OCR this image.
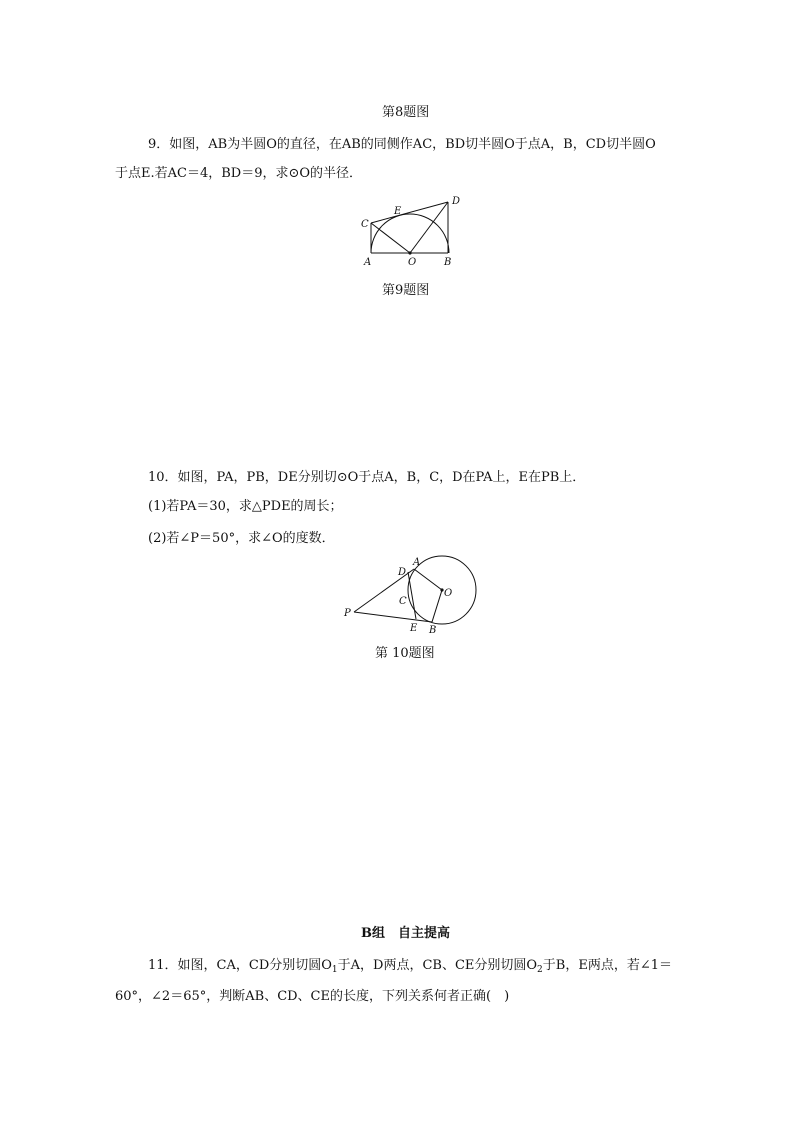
第8题图
9．如图，AB为半圆O的直径，在AB的同侧作AC，BD切半圆O于点A，B，CD切半圆O
于点E.若AC＝4，BD＝9，求⊙O的半径．
C
E
D
A	O	B
第9题图
10．如图，PA，PB，DE分别切⊙O于点A，B，C，D在PA上，E在PB上．
(1)若PA＝30，求△PDE的周长；
(2)若∠P＝50°，求∠O的度数．
A
D
C
O
P
E B
第 10题图
B组　自主提高
11．如图，CA，CD分别切圆$O_1$于A，D两点，CB、CE分别切圆$O_2$于B，E两点，若∠1＝
60°，∠2＝65°，判断AB、CD、CE的长度，下列关系何者正确(　)
